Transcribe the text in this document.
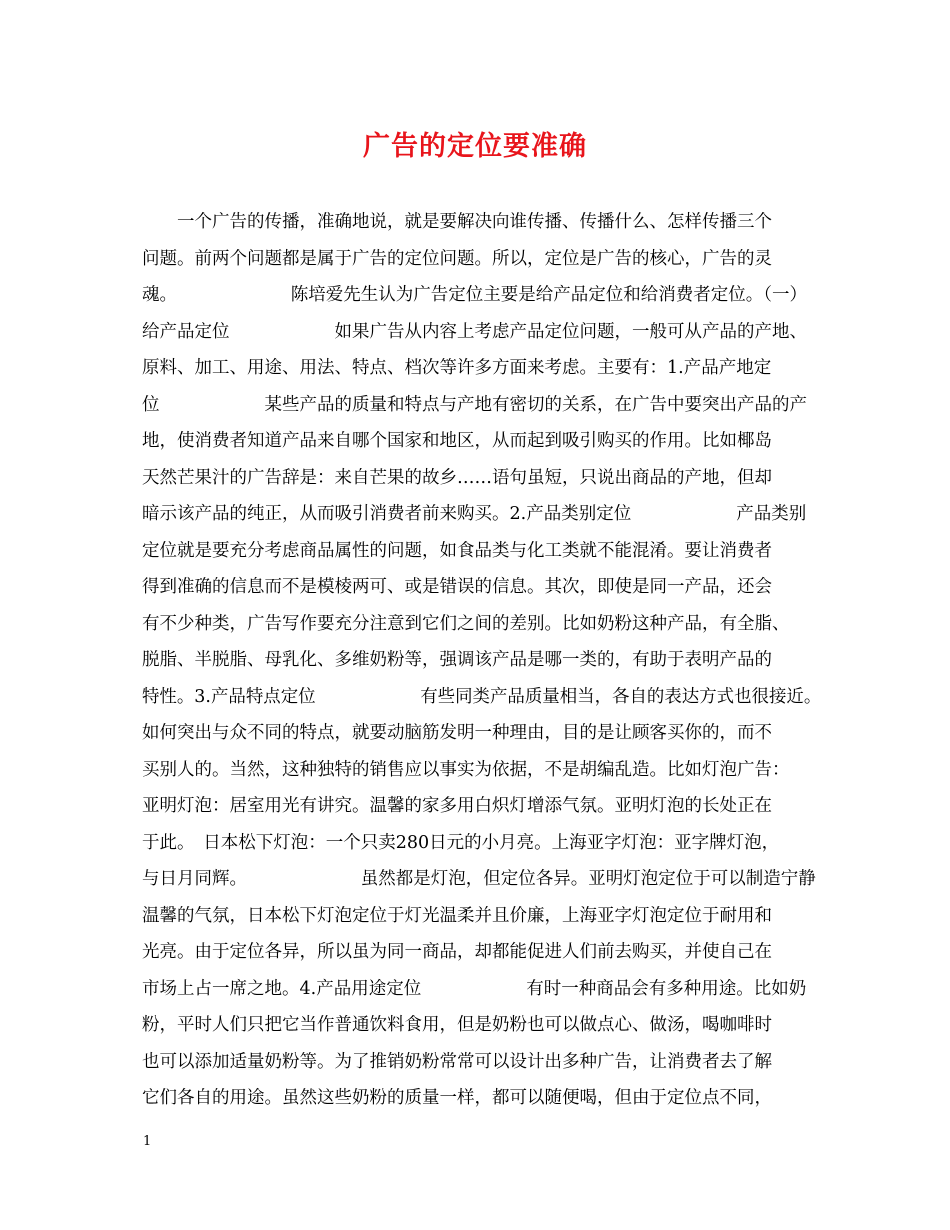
广告的定位要准确
　　一个广告的传播，准确地说，就是要解决向谁传播、传播什么、怎样传播三个
问题。前两个问题都是属于广告的定位问题。所以，定位是广告的核心，广告的灵
魂。　　　　　　　陈培爱先生认为广告定位主要是给产品定位和给消费者定位。（一）
给产品定位　　　　　　如果广告从内容上考虑产品定位问题，一般可从产品的产地、
原料、加工、用途、用法、特点、档次等许多方面来考虑。主要有：1.产品产地定
位　　　　　　某些产品的质量和特点与产地有密切的关系，在广告中要突出产品的产
地，使消费者知道产品来自哪个国家和地区，从而起到吸引购买的作用。比如椰岛
天然芒果汁的广告辞是：来自芒果的故乡……语句虽短，只说出商品的产地，但却
暗示该产品的纯正，从而吸引消费者前来购买。2.产品类别定位　　　　　　产品类别
定位就是要充分考虑商品属性的问题，如食品类与化工类就不能混淆。要让消费者
得到准确的信息而不是模棱两可、或是错误的信息。其次，即使是同一产品，还会
有不少种类，广告写作要充分注意到它们之间的差别。比如奶粉这种产品，有全脂、
脱脂、半脱脂、母乳化、多维奶粉等，强调该产品是哪一类的，有助于表明产品的
特性。3.产品特点定位　　　　　　有些同类产品质量相当，各自的表达方式也很接近。
如何突出与众不同的特点，就要动脑筋发明一种理由，目的是让顾客买你的，而不
买别人的。当然，这种独特的销售应以事实为依据，不是胡编乱造。比如灯泡广告：
亚明灯泡：居室用光有讲究。温馨的家多用白炽灯增添气氛。亚明灯泡的长处正在
于此。　日本松下灯泡：一个只卖280日元的小月亮。上海亚字灯泡：亚字牌灯泡，
与日月同辉。　　　　　　　虽然都是灯泡，但定位各异。亚明灯泡定位于可以制造宁静
温馨的气氛，日本松下灯泡定位于灯光温柔并且价廉，上海亚字灯泡定位于耐用和
光亮。由于定位各异，所以虽为同一商品，却都能促进人们前去购买，并使自己在
市场上占一席之地。4.产品用途定位　　　　　　有时一种商品会有多种用途。比如奶
粉，平时人们只把它当作普通饮料食用，但是奶粉也可以做点心、做汤，喝咖啡时
也可以添加适量奶粉等。为了推销奶粉常常可以设计出多种广告，让消费者去了解
它们各自的用途。虽然这些奶粉的质量一样，都可以随便喝，但由于定位点不同，
1
